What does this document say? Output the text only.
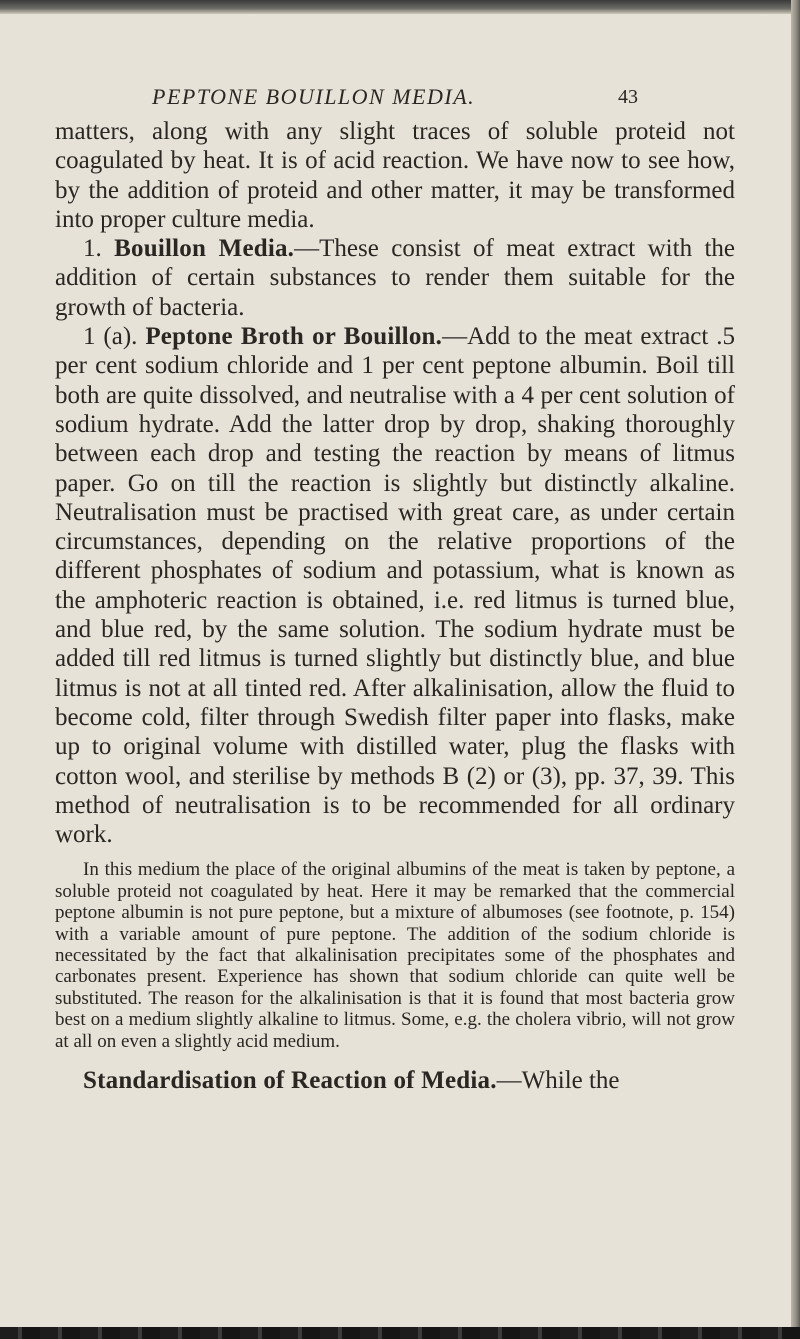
PEPTONE BOUILLON MEDIA.	43

matters, along with any slight traces of soluble proteid not coagulated by heat. It is of acid reaction. We have now to see how, by the addition of proteid and other matter, it may be transformed into proper culture media.

1. Bouillon Media.—These consist of meat extract with the addition of certain substances to render them suitable for the growth of bacteria.

1 (a). Peptone Broth or Bouillon.—Add to the meat extract .5 per cent sodium chloride and 1 per cent peptone albumin. Boil till both are quite dissolved, and neutralise with a 4 per cent solution of sodium hydrate. Add the latter drop by drop, shaking thoroughly between each drop and testing the reaction by means of litmus paper. Go on till the reaction is slightly but distinctly alkaline. Neutralisation must be practised with great care, as under certain circumstances, depending on the relative proportions of the different phosphates of sodium and potassium, what is known as the amphoteric reaction is obtained, i.e. red litmus is turned blue, and blue red, by the same solution. The sodium hydrate must be added till red litmus is turned slightly but distinctly blue, and blue litmus is not at all tinted red. After alkalinisation, allow the fluid to become cold, filter through Swedish filter paper into flasks, make up to original volume with distilled water, plug the flasks with cotton wool, and sterilise by methods B (2) or (3), pp. 37, 39. This method of neutralisation is to be recommended for all ordinary work.

In this medium the place of the original albumins of the meat is taken by peptone, a soluble proteid not coagulated by heat. Here it may be remarked that the commercial peptone albumin is not pure peptone, but a mixture of albumoses (see footnote, p. 154) with a variable amount of pure peptone. The addition of the sodium chloride is necessitated by the fact that alkalinisation precipitates some of the phosphates and carbonates present. Experience has shown that sodium chloride can quite well be substituted. The reason for the alkalinisation is that it is found that most bacteria grow best on a medium slightly alkaline to litmus. Some, e.g. the cholera vibrio, will not grow at all on even a slightly acid medium.

Standardisation of Reaction of Media.—While the
